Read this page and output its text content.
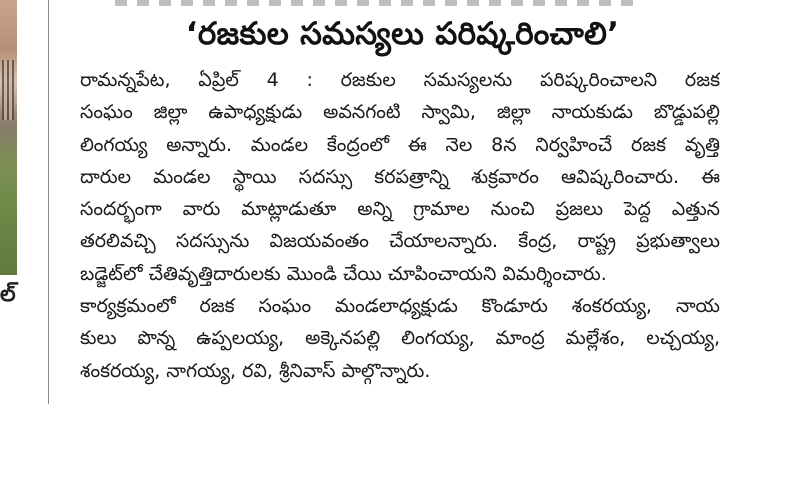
ల్
‘రజకుల సమస్యలు పరిష్కరించాలి’
రామన్నపేట, ఏప్రిల్ 4 : రజకుల సమస్యలను పరిష్కరించాలని రజక
సంఘం జిల్లా ఉపాధ్యక్షుడు అవనగంటి స్వామి, జిల్లా నాయకుడు బొడ్డుపల్లి
లింగయ్య అన్నారు. మండల కేంద్రంలో ఈ నెల 8న నిర్వహించే రజక వృత్తి
దారుల మండల స్థాయి సదస్సు కరపత్రాన్ని శుక్రవారం ఆవిష్కరించారు. ఈ
సందర్భంగా వారు మాట్లాడుతూ అన్ని గ్రామాల నుంచి ప్రజలు పెద్ద ఎత్తున
తరలివచ్చి సదస్సును విజయవంతం చేయాలన్నారు. కేంద్ర, రాష్ట్ర ప్రభుత్వాలు
బడ్జెట్‌లో చేతివృత్తిదారులకు మొండి చేయి చూపించాయని విమర్శించారు.
కార్యక్రమంలో రజక సంఘం మండలాధ్యక్షుడు కొండూరు శంకరయ్య, నాయ
కులు పొన్న ఉప్పలయ్య, అక్కెనపల్లి లింగయ్య, మాంద్ర మల్లేశం, లచ్చయ్య,
శంకరయ్య, నాగయ్య, రవి, శ్రీనివాస్ పాల్గొన్నారు.
